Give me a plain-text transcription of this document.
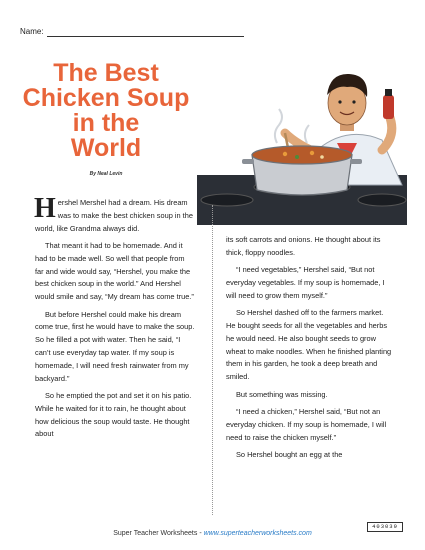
Name:
The Best
Chicken Soup
in the
World
By Neal Levin

Hershel Mershel had a dream. His dream was to make the best chicken soup in the world, like Grandma always did.

That meant it had to be homemade. And it had to be made well. So well that people from far and wide would say, “Hershel, you make the best chicken soup in the world.” And Hershel would smile and say, “My dream has come true.”

But before Hershel could make his dream come true, first he would have to make the soup. So he filled a pot with water. Then he said, “I can’t use everyday tap water. If my soup is homemade, I will need fresh rainwater from my backyard.”

So he emptied the pot and set it on his patio. While he waited for it to rain, he thought about how delicious the soup would taste. He thought about

its soft carrots and onions. He thought about its thick, floppy noodles.

“I need vegetables,” Hershel said, “But not everyday vegetables. If my soup is homemade, I will need to grow them myself.”

So Hershel dashed off to the farmers market. He bought seeds for all the vegetables and herbs he would need. He also bought seeds to grow wheat to make noodles. When he finished planting them in his garden, he took a deep breath and smiled.

But something was missing.

“I need a chicken,” Hershel said, “But not an everyday chicken. If my soup is homemade, I will need to raise the chicken myself.”

So Hershel bought an egg at the

403039
Super Teacher Worksheets - www.superteacherworksheets.com
